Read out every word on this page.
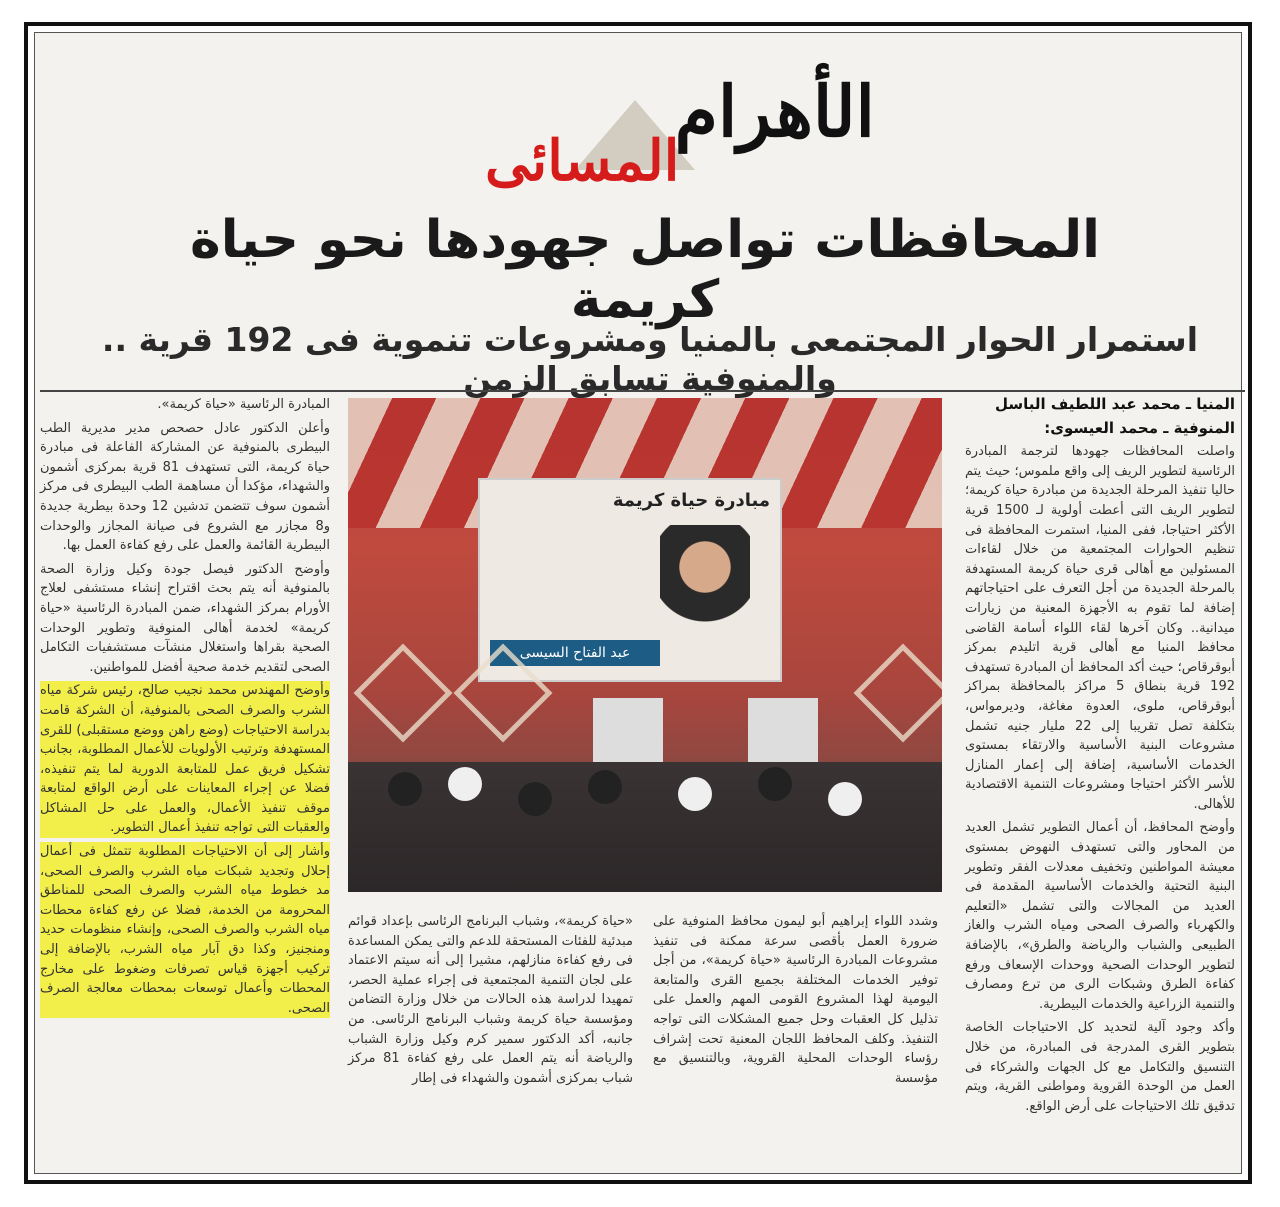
الأهرام
المسائى
المحافظات تواصل جهودها نحو حياة كريمة
استمرار الحوار المجتمعى بالمنيا ومشروعات تنموية فى 192 قرية .. والمنوفية تسابق الزمن

المنيا ـ محمد عبد اللطيف الباسل

المنوفية ـ محمد العيسوى:

واصلت المحافظات جهودها لترجمة المبادرة الرئاسية لتطوير الريف إلى واقع ملموس؛ حيث يتم حاليا تنفيذ المرحلة الجديدة من مبادرة حياة كريمة؛ لتطوير الريف التى أعطت أولوية لـ 1500 قرية الأكثر احتياجا، ففى المنيا، استمرت المحافظة فى تنظيم الحوارات المجتمعية من خلال لقاءات المسئولين مع أهالى قرى حياة كريمة المستهدفة بالمرحلة الجديدة من أجل التعرف على احتياجاتهم إضافة لما تقوم به الأجهزة المعنية من زيارات ميدانية.. وكان آخرها لقاء اللواء أسامة القاضى محافظ المنيا مع أهالى قرية اتليدم بمركز أبوقرقاص؛ حيث أكد المحافظ أن المبادرة تستهدف 192 قرية بنطاق 5 مراكز بالمحافظة بمراكز أبوقرقاص، ملوى، العدوة مغاغة، وديرمواس، بتكلفة تصل تقريبا إلى 22 مليار جنيه تشمل مشروعات البنية الأساسية والارتقاء بمستوى الخدمات الأساسية، إضافة إلى إعمار المنازل للأسر الأكثر احتياجا ومشروعات التنمية الاقتصادية للأهالى.

وأوضح المحافظ، أن أعمال التطوير تشمل العديد من المحاور والتى تستهدف النهوض بمستوى معيشة المواطنين وتخفيف معدلات الفقر وتطوير البنية التحتية والخدمات الأساسية المقدمة فى العديد من المجالات والتى تشمل «التعليم والكهرباء والصرف الصحى ومياه الشرب والغاز الطبيعى والشباب والرياضة والطرق»، بالإضافة لتطوير الوحدات الصحية ووحدات الإسعاف ورفع كفاءة الطرق وشبكات الرى من ترع ومصارف والتنمية الزراعية والخدمات البيطرية.

وأكد وجود آلية لتحديد كل الاحتياجات الخاصة بتطوير القرى المدرجة فى المبادرة، من خلال التنسيق والتكامل مع كل الجهات والشركاء فى العمل من الوحدة القروية ومواطنى القرية، ويتم تدقيق تلك الاحتياجات على أرض الواقع.

مبادرة حياة كريمة
عبد الفتاح السيسى

المبادرة الرئاسية «حياة كريمة».

وأعلن الدكتور عادل حصحص مدير مديرية الطب البيطرى بالمنوفية عن المشاركة الفاعلة فى مبادرة حياة كريمة، التى تستهدف 81 قرية بمركزى أشمون والشهداء، مؤكدا أن مساهمة الطب البيطرى فى مركز أشمون سوف تتضمن تدشين 12 وحدة بيطرية جديدة و8 مجازر مع الشروع فى صيانة المجازر والوحدات البيطرية القائمة والعمل على رفع كفاءة العمل بها.

وأوضح الدكتور فيصل جودة وكيل وزارة الصحة بالمنوفية أنه يتم بحث اقتراح إنشاء مستشفى لعلاج الأورام بمركز الشهداء، ضمن المبادرة الرئاسية «حياة كريمة» لخدمة أهالى المنوفية وتطوير الوحدات الصحية بقراها واستغلال منشآت مستشفيات التكامل الصحى لتقديم خدمة صحية أفضل للمواطنين.

وأوضح المهندس محمد نجيب صالح، رئيس شركة مياه الشرب والصرف الصحى بالمنوفية، أن الشركة قامت بدراسة الاحتياجات (وضع راهن ووضع مستقبلى) للقرى المستهدفة وترتيب الأولويات للأعمال المطلوبة، بجانب تشكيل فريق عمل للمتابعة الدورية لما يتم تنفيذه، فضلا عن إجراء المعاينات على أرض الواقع لمتابعة موقف تنفيذ الأعمال، والعمل على حل المشاكل والعقبات التى تواجه تنفيذ أعمال التطوير.

وأشار إلى أن الاحتياجات المطلوبة تتمثل فى أعمال إحلال وتجديد شبكات مياه الشرب والصرف الصحى، مد خطوط مياه الشرب والصرف الصحى للمناطق المحرومة من الخدمة، فضلا عن رفع كفاءة محطات مياه الشرب والصرف الصحى، وإنشاء منظومات حديد ومنجنيز، وكذا دق آبار مياه الشرب، بالإضافة إلى تركيب أجهزة قياس تصرفات وضغوط على مخارج المحطات وأعمال توسعات بمحطات معالجة الصرف الصحى.

وشدد اللواء إبراهيم أبو ليمون محافظ المنوفية على ضرورة العمل بأقصى سرعة ممكنة فى تنفيذ مشروعات المبادرة الرئاسية «حياة كريمة»، من أجل توفير الخدمات المختلفة بجميع القرى والمتابعة اليومية لهذا المشروع القومى المهم والعمل على تذليل كل العقبات وحل جميع المشكلات التى تواجه التنفيذ. وكلف المحافظ اللجان المعنية تحت إشراف رؤساء الوحدات المحلية القروية، وبالتنسيق مع مؤسسة
«حياة كريمة»، وشباب البرنامج الرئاسى بإعداد قوائم مبدئية للفئات المستحقة للدعم والتى يمكن المساعدة فى رفع كفاءة منازلهم، مشيرا إلى أنه سيتم الاعتماد على لجان التنمية المجتمعية فى إجراء عملية الحصر، تمهيدا لدراسة هذه الحالات من خلال وزارة التضامن ومؤسسة حياة كريمة وشباب البرنامج الرئاسى. من جانبه، أكد الدكتور سمير كرم وكيل وزارة الشباب والرياضة أنه يتم العمل على رفع كفاءة 81 مركز شباب بمركزى أشمون والشهداء فى إطار
